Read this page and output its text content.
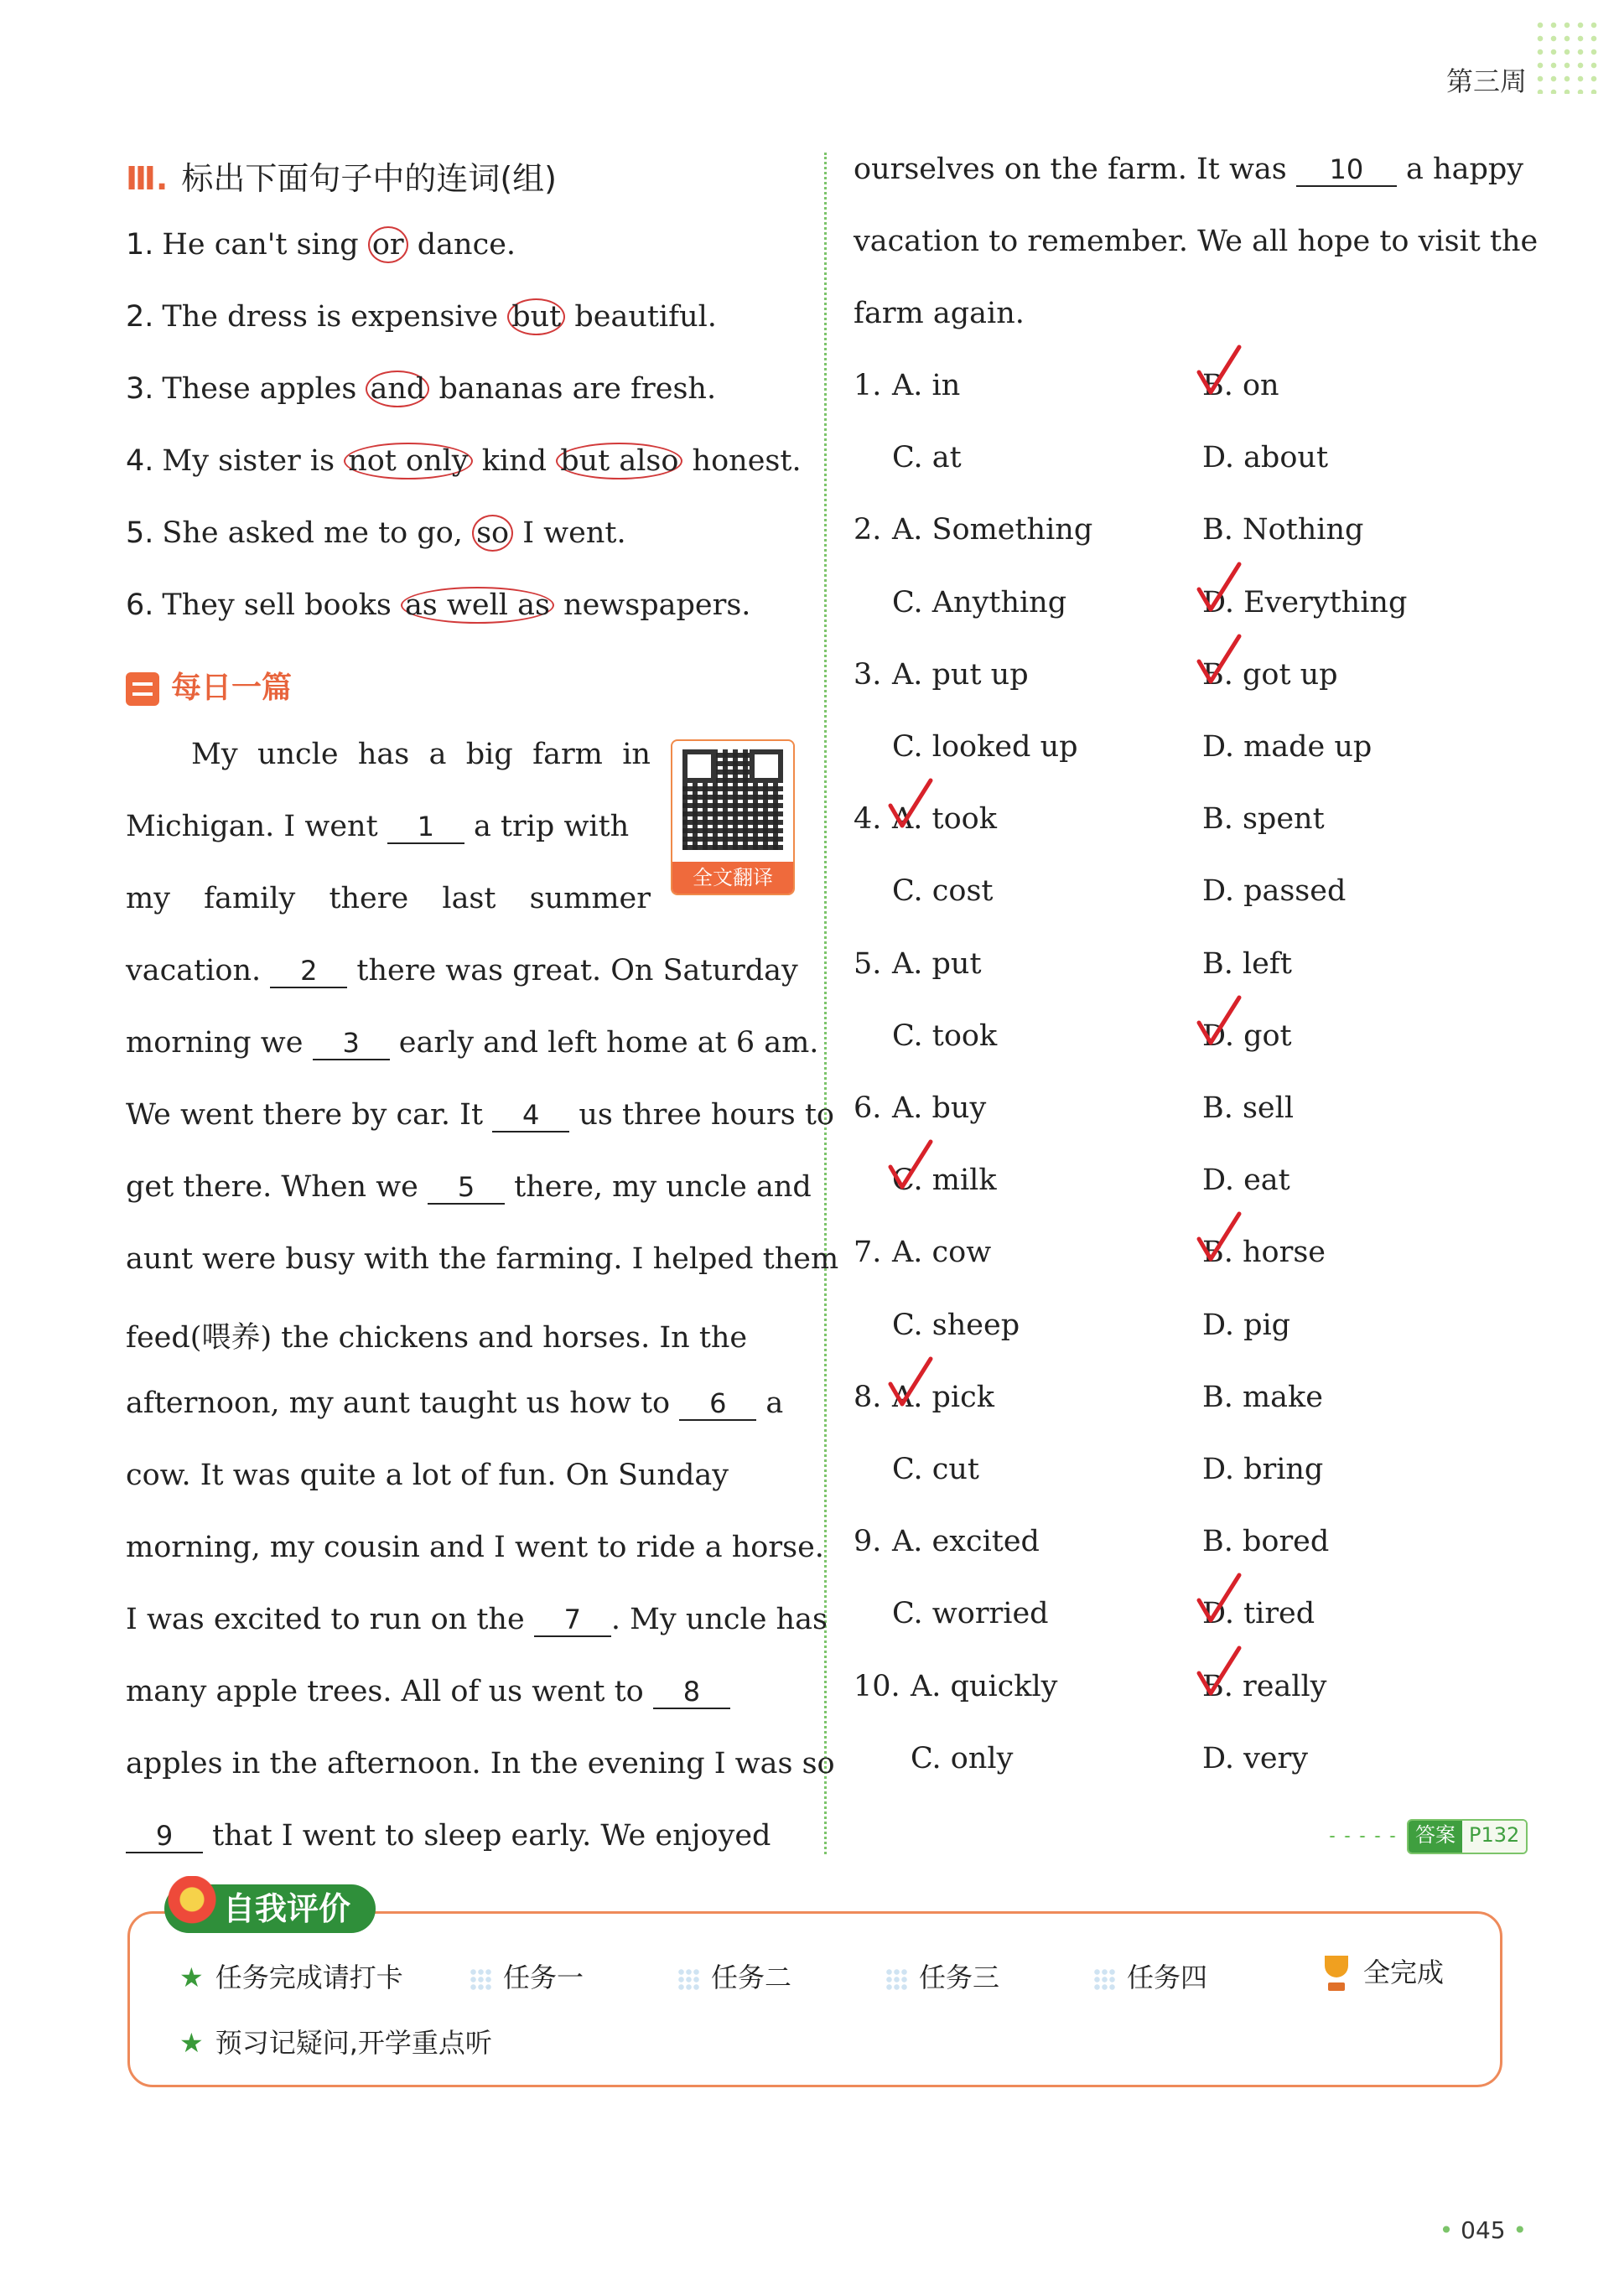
第三周
Ⅲ. 标出下面句子中的连词(组)
1. He can't sing or dance.
2. The dress is expensive but beautiful.
3. These apples and bananas are fresh.
4. My sister is not only kind but also honest.
5. She asked me to go, so I went.
6. They sell books as well as newspapers.
每日一篇
全文翻译
My uncle has a big farm in
Michigan. I went 1 a trip with
my family there last summer
vacation. 2 there was great. On Saturday
morning we 3 early and left home at 6 am.
We went there by car. It 4 us three hours to
get there. When we 5 there, my uncle and
aunt were busy with the farming. I helped them
feed(喂养) the chickens and horses. In the
afternoon, my aunt taught us how to 6 a
cow. It was quite a lot of fun. On Sunday
morning, my cousin and I went to ride a horse.
I was excited to run on the 7 . My uncle has
many apple trees. All of us went to 8
apples in the afternoon. In the evening I was so
9 that I went to sleep early. We enjoyed
ourselves on the farm. It was 10 a happy
vacation to remember. We all hope to visit the
farm again.
1. A. in	B. on
C. at	D. about
2. A. Something	B. Nothing
C. Anything	D. Everything
3. A. put up	B. got up
C. looked up	D. made up
4. A. took	B. spent
C. cost	D. passed
5. A. put	B. left
C. took	D. got
6. A. buy	B. sell
C. milk	D. eat
7. A. cow	B. horse
C. sheep	D. pig
8. A. pick	B. make
C. cut	D. bring
9. A. excited	B. bored
C. worried	D. tired
10. A. quickly	B. really
C. only	D. very
答案 P132
自我评价
★ 任务完成请打卡	任务一	任务二	任务三	任务四	全完成
★ 预习记疑问,开学重点听
• 045 •
